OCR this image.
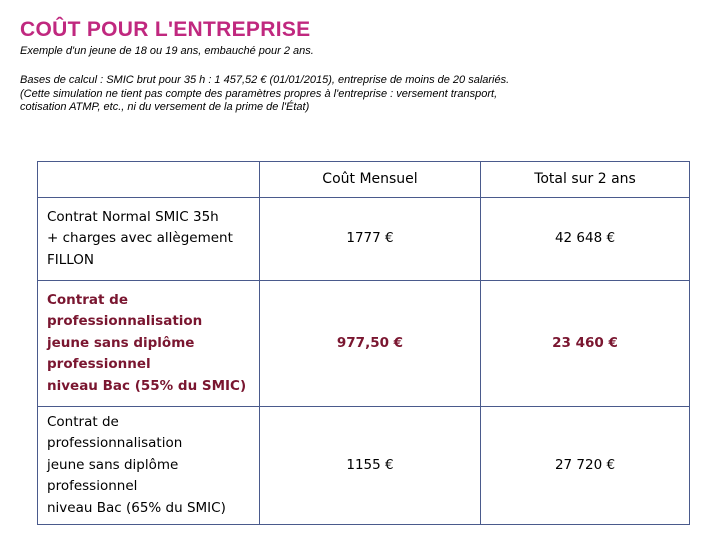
COÛT POUR L'ENTREPRISE
Exemple d'un jeune de 18 ou 19 ans, embauché pour 2 ans.
Bases de calcul : SMIC brut pour 35 h : 1 457,52 € (01/01/2015), entreprise de moins de 20 salariés.
(Cette simulation ne tient pas compte des paramètres propres à l'entreprise : versement transport,
cotisation ATMP, etc., ni du versement de la prime de l'État)
	Coût Mensuel	Total sur 2 ans

Contrat Normal SMIC 35h
+ charges avec allègement
FILLON	1777 €	42 648 €

Contrat de
professionnalisation
jeune sans diplôme
professionnel
niveau Bac (55% du SMIC)	977,50 €	23 460 €

Contrat de
professionnalisation
jeune sans diplôme
professionnel
niveau Bac (65% du SMIC)	1155 €	27 720 €
